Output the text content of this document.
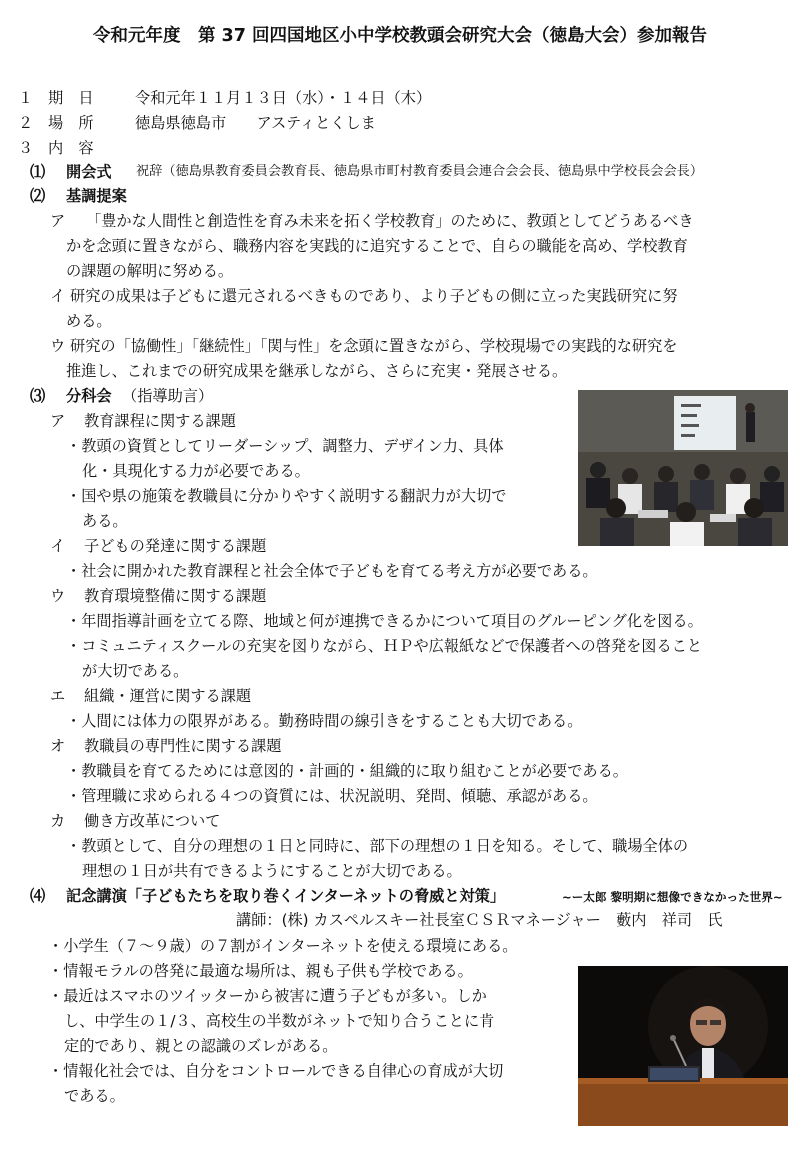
令和元年度　第 37 回四国地区小中学校教頭会研究大会（徳島大会）参加報告
１ 期　日	令和元年１１月１３日（水）・１４日（木）
２ 場　所	徳島県徳島市　　アスティとくしま
３ 内　容
⑴ 開会式 祝辞（徳島県教育委員会教育長、徳島県市町村教育委員会連合会会長、徳島県中学校長会会長）
⑵ 基調提案
ア 「豊かな人間性と創造性を育み未来を拓く学校教育」のために、教頭としてどうあるべき
かを念頭に置きながら、職務内容を実践的に追究することで、自らの職能を高め、学校教育
の課題の解明に努める。
イ 研究の成果は子どもに還元されるべきものであり、より子どもの側に立った実践研究に努
める。
ウ 研究の「協働性」「継続性」「関与性」を念頭に置きながら、学校現場での実践的な研究を
推進し、これまでの研究成果を継承しながら、さらに充実・発展させる。
⑶ 分科会 （指導助言）
ア 教育課程に関する課題
・教頭の資質としてリーダーシップ、調整力、デザイン力、具体
化・具現化する力が必要である。
・国や県の施策を教職員に分かりやすく説明する翻訳力が大切で
ある。
イ 子どもの発達に関する課題
・社会に開かれた教育課程と社会全体で子どもを育てる考え方が必要である。
ウ 教育環境整備に関する課題
・年間指導計画を立てる際、地域と何が連携できるかについて項目のグルーピング化を図る。
・コミュニティスクールの充実を図りながら、ＨＰや広報紙などで保護者への啓発を図ること
が大切である。
エ 組織・運営に関する課題
・人間には体力の限界がある。勤務時間の線引きをすることも大切である。
オ 教職員の専門性に関する課題
・教職員を育てるためには意図的・計画的・組織的に取り組むことが必要である。
・管理職に求められる４つの資質には、状況説明、発問、傾聴、承認がある。
カ 働き方改革について
・教頭として、自分の理想の１日と同時に、部下の理想の１日を知る。そして、職場全体の
理想の１日が共有できるようにすることが大切である。
⑷ 記念講演「子どもたちを取り巻くインターネットの脅威と対策」	~ー太郎 黎明期に想像できなかった世界~
講師：(株) カスペルスキー社長室ＣＳＲマネージャー　藪内　祥司　氏
・小学生（７～９歳）の７割がインターネットを使える環境にある。
・情報モラルの啓発に最適な場所は、親も子供も学校である。
・最近はスマホのツイッターから被害に遭う子どもが多い。しか
し、中学生の１/３、高校生の半数がネットで知り合うことに肯
定的であり、親との認識のズレがある。
・情報化社会では、自分をコントロールできる自律心の育成が大切
である。
